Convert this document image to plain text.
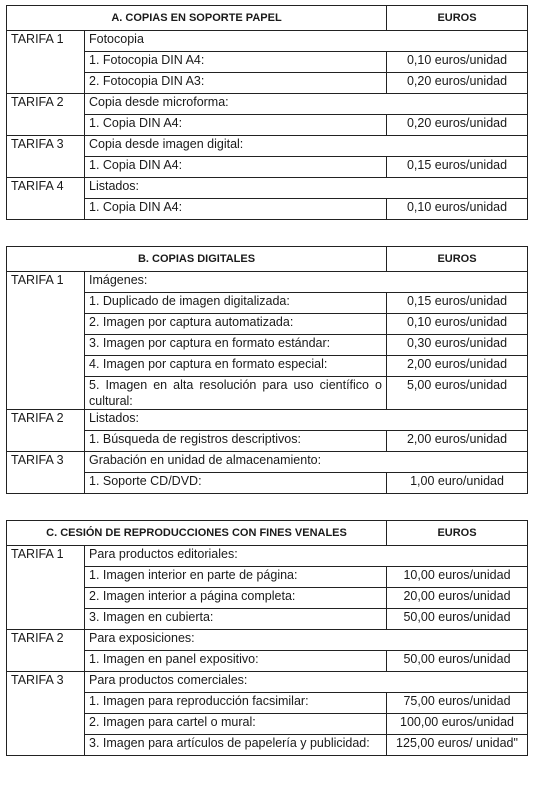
A. COPIAS EN SOPORTE PAPEL		EUROS
TARIFA 1	Fotocopia	
	1. Fotocopia DIN A4:	0,10 euros/unidad
	2. Fotocopia DIN A3:	0,20 euros/unidad
TARIFA 2	Copia desde microforma:	
	1. Copia DIN A4:	0,20 euros/unidad
TARIFA 3	Copia desde imagen digital:	
	1. Copia DIN A4:	0,15 euros/unidad
TARIFA 4	Listados:	
	1. Copia DIN A4:	0,10 euros/unidad
B. COPIAS DIGITALES		EUROS
TARIFA 1	Imágenes:	
	1. Duplicado de imagen digitalizada:	0,15 euros/unidad
	2. Imagen por captura automatizada:	0,10 euros/unidad
	3. Imagen por captura en formato estándar:	0,30 euros/unidad
	4. Imagen por captura en formato especial:	2,00 euros/unidad
	5. Imagen en alta resolución para uso científico o cultural:	5,00 euros/unidad
TARIFA 2	Listados:	
	1. Búsqueda de registros descriptivos:	2,00 euros/unidad
TARIFA 3	Grabación en unidad de almacenamiento:	
	1. Soporte CD/DVD:	1,00 euro/unidad
C. CESIÓN DE REPRODUCCIONES CON FINES VENALES		EUROS
TARIFA 1	Para productos editoriales:	
	1. Imagen interior en parte de página:	10,00 euros/unidad
	2. Imagen interior a página completa:	20,00 euros/unidad
	3. Imagen en cubierta:	50,00 euros/unidad
TARIFA 2	Para exposiciones:	
	1. Imagen en panel expositivo:	50,00 euros/unidad
TARIFA 3	Para productos comerciales:	
	1. Imagen para reproducción facsimilar:	75,00 euros/unidad
	2. Imagen para cartel o mural:	100,00 euros/unidad
	3. Imagen para artículos de papelería y publicidad:	125,00 euros/ unidad"
